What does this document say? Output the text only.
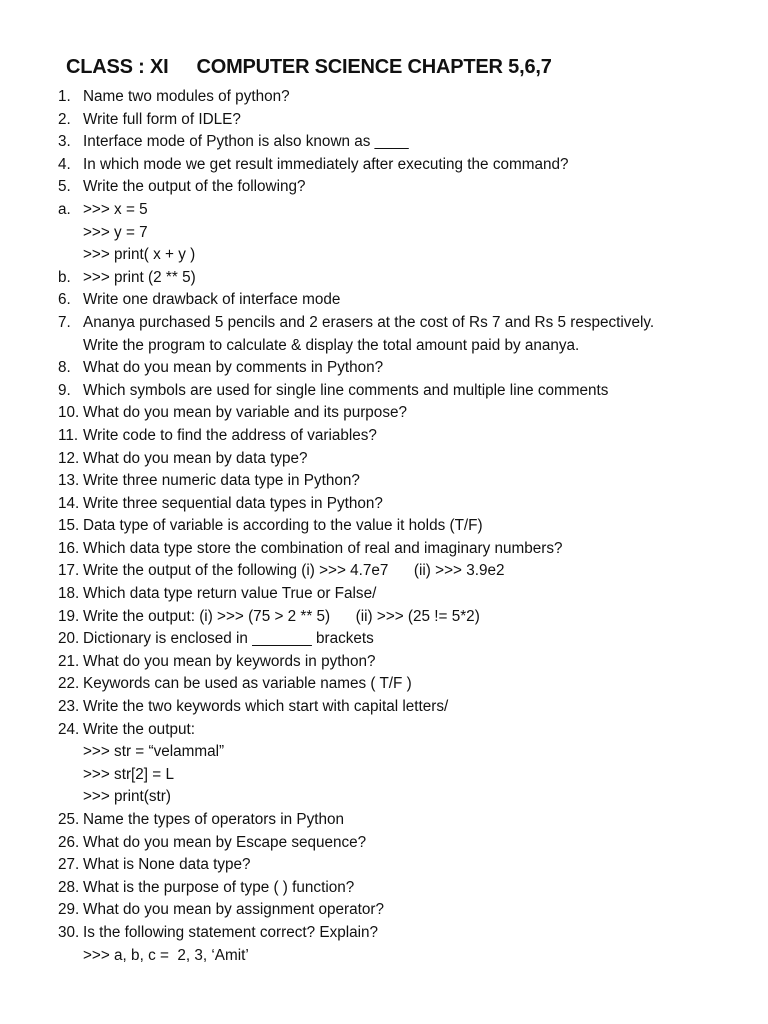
CLASS : XI COMPUTER SCIENCE CHAPTER 5,6,7
1. Name two modules of python?
2. Write full form of IDLE?
3. Interface mode of Python is also known as ____
4. In which mode we get result immediately after executing the command?
5. Write the output of the following?
a. >>> x = 5
>>> y = 7
>>> print( x + y )
b. >>> print (2 ** 5)
6. Write one drawback of interface mode
7. Ananya purchased 5 pencils and 2 erasers at the cost of Rs 7 and Rs 5 respectively.
Write the program to calculate & display the total amount paid by ananya.
8. What do you mean by comments in Python?
9. Which symbols are used for single line comments and multiple line comments
10. What do you mean by variable and its purpose?
11. Write code to find the address of variables?
12. What do you mean by data type?
13. Write three numeric data type in Python?
14. Write three sequential data types in Python?
15. Data type of variable is according to the value it holds (T/F)
16. Which data type store the combination of real and imaginary numbers?
17. Write the output of the following (i) >>> 4.7e7      (ii) >>> 3.9e2
18. Which data type return value True or False/
19. Write the output: (i) >>> (75 > 2 ** 5)      (ii) >>> (25 != 5*2)
20. Dictionary is enclosed in _______ brackets
21. What do you mean by keywords in python?
22. Keywords can be used as variable names ( T/F )
23. Write the two keywords which start with capital letters/
24. Write the output:
>>> str = “velammal”
>>> str[2] = L
>>> print(str)
25. Name the types of operators in Python
26. What do you mean by Escape sequence?
27. What is None data type?
28. What is the purpose of type ( ) function?
29. What do you mean by assignment operator?
30. Is the following statement correct? Explain?
>>> a, b, c =  2, 3, ‘Amit’
